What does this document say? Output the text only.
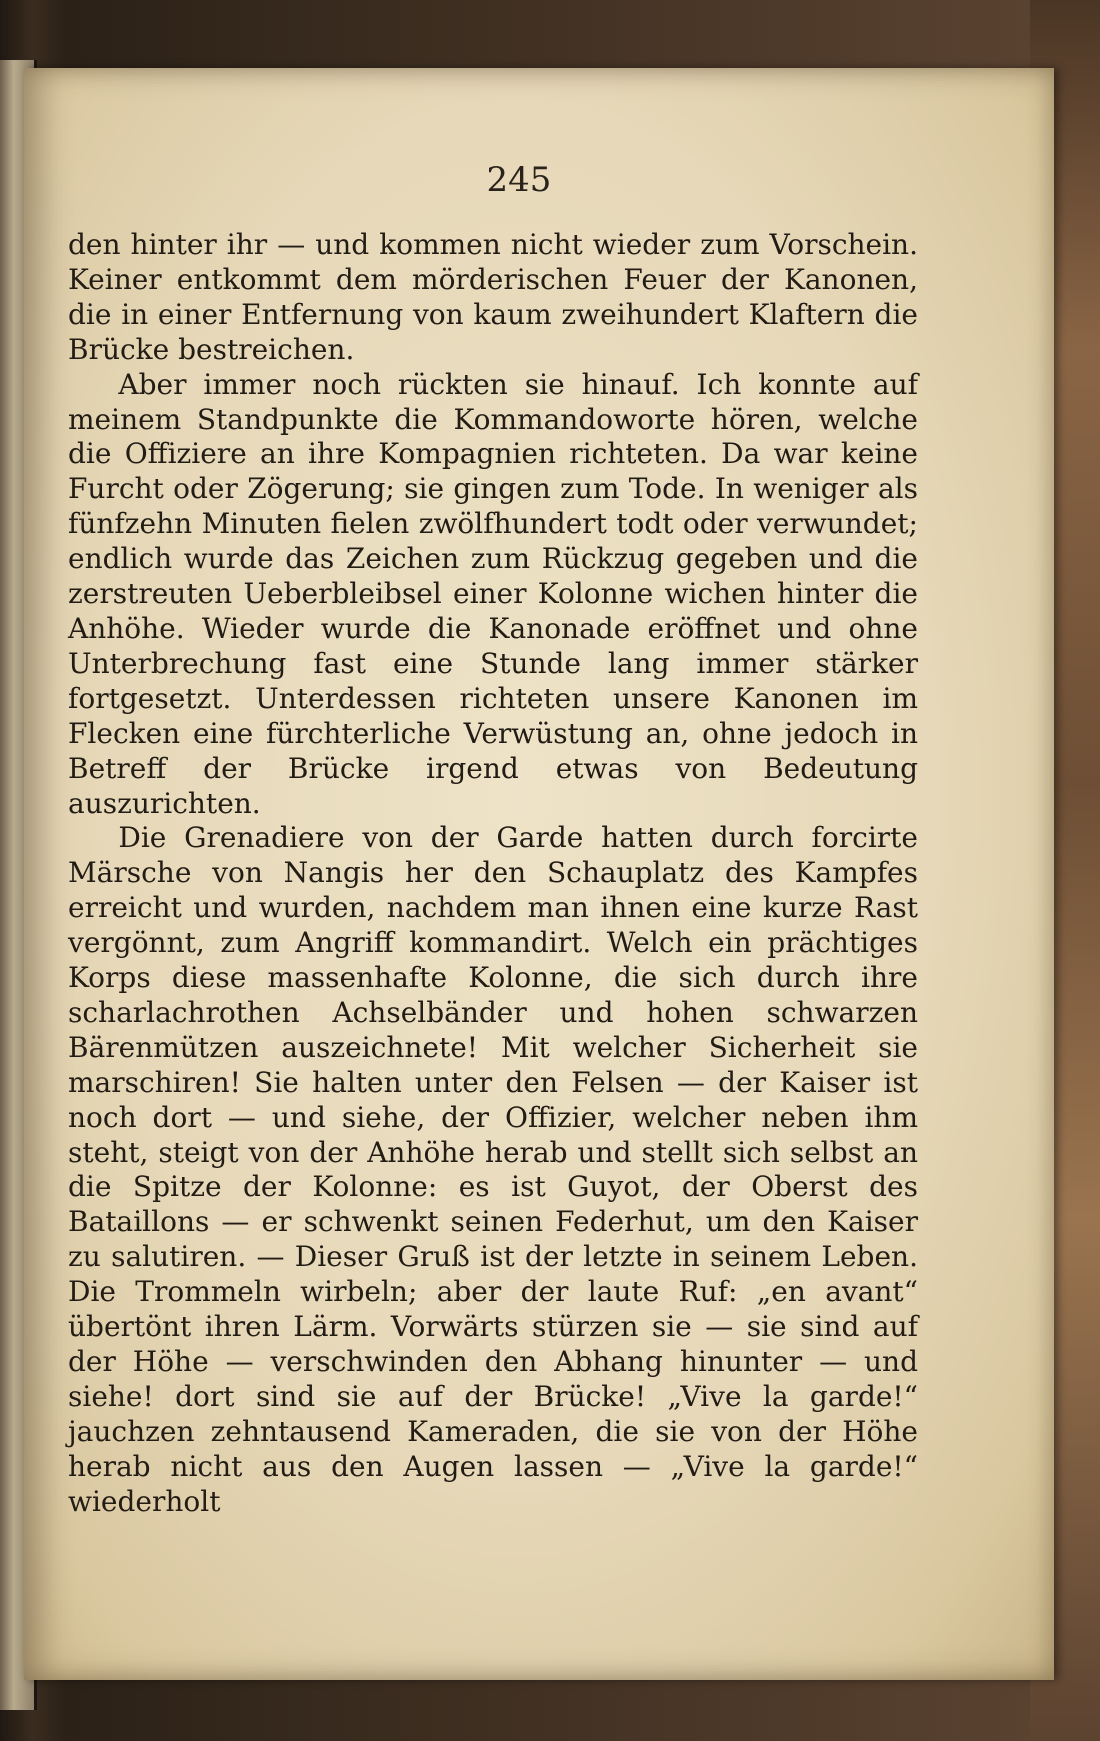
245

den hinter ihr — und kommen nicht wieder zum Vorschein. Keiner entkommt dem mörderischen Feuer der Kanonen, die in einer Entfernung von kaum zweihundert Klaftern die Brücke bestreichen.

Aber immer noch rückten sie hinauf. Ich konnte auf meinem Standpunkte die Kommandoworte hören, welche die Offiziere an ihre Kompagnien richteten. Da war keine Furcht oder Zögerung; sie gingen zum Tode. In weniger als fünfzehn Minuten fielen zwölfhundert todt oder verwundet; endlich wurde das Zeichen zum Rückzug gegeben und die zerstreuten Ueberbleibsel einer Kolonne wichen hinter die Anhöhe. Wieder wurde die Kanonade eröffnet und ohne Unterbrechung fast eine Stunde lang immer stärker fortgesetzt. Unterdessen richteten unsere Kanonen im Flecken eine fürchterliche Verwüstung an, ohne jedoch in Betreff der Brücke irgend etwas von Bedeutung auszurichten.

Die Grenadiere von der Garde hatten durch forcirte Märsche von Nangis her den Schauplatz des Kampfes erreicht und wurden, nachdem man ihnen eine kurze Rast vergönnt, zum Angriff kommandirt. Welch ein prächtiges Korps diese massenhafte Kolonne, die sich durch ihre scharlachrothen Achselbänder und hohen schwarzen Bärenmützen auszeichnete! Mit welcher Sicherheit sie marschiren! Sie halten unter den Felsen — der Kaiser ist noch dort — und siehe, der Offizier, welcher neben ihm steht, steigt von der Anhöhe herab und stellt sich selbst an die Spitze der Kolonne: es ist Guyot, der Oberst des Bataillons — er schwenkt seinen Federhut, um den Kaiser zu salutiren. — Dieser Gruß ist der letzte in seinem Leben. Die Trommeln wirbeln; aber der laute Ruf: „en avant“ übertönt ihren Lärm. Vorwärts stürzen sie — sie sind auf der Höhe — verschwinden den Abhang hinunter — und siehe! dort sind sie auf der Brücke! „Vive la garde!“ jauchzen zehntausend Kameraden, die sie von der Höhe herab nicht aus den Augen lassen — „Vive la garde!“ wiederholt
